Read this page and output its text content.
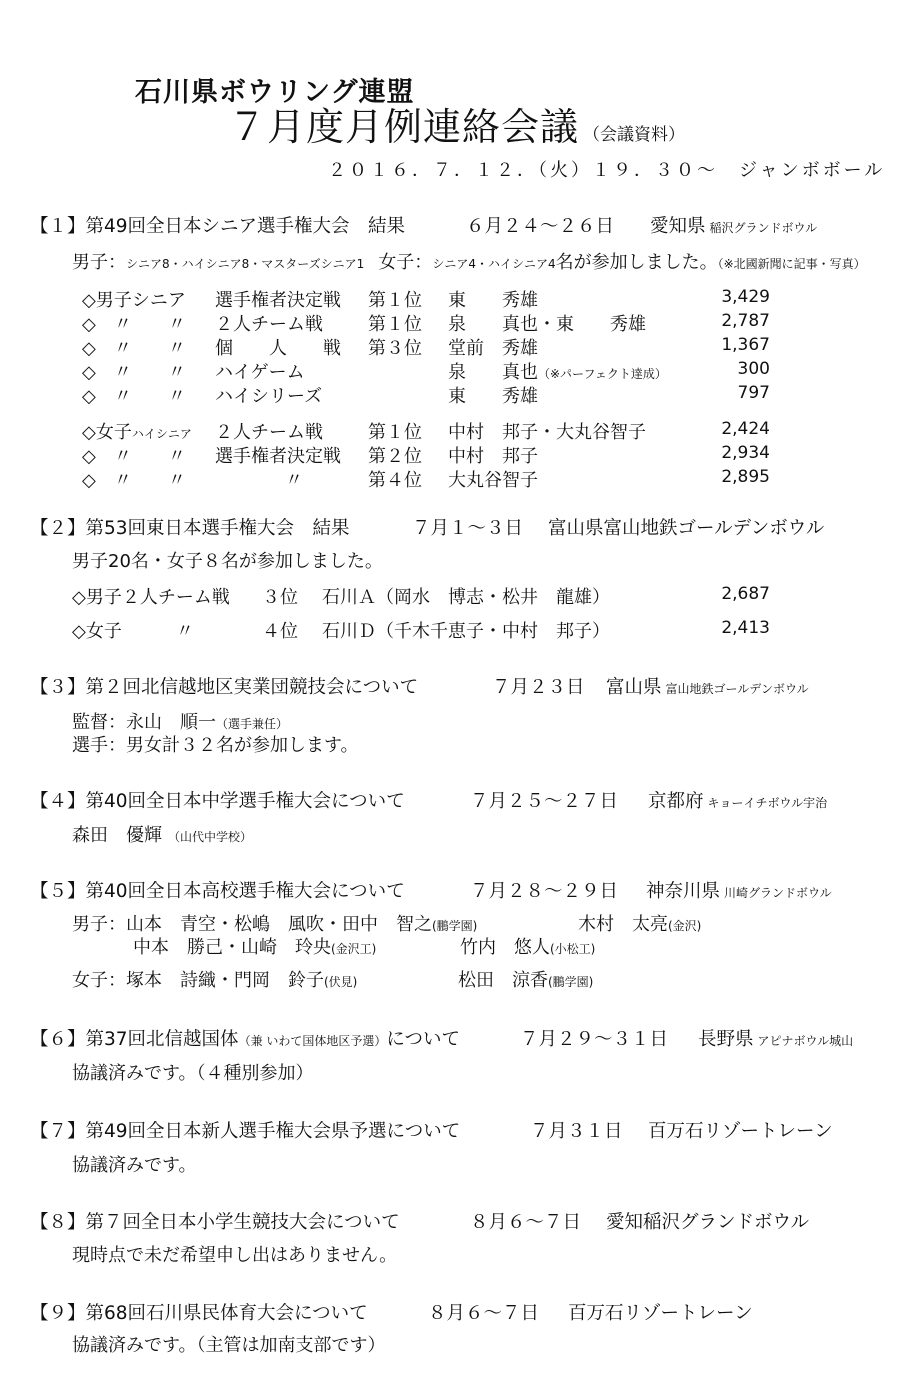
石川県ボウリング連盟
７月度月例連絡会議 （会議資料）
２０１６．７．１２．（火）１９．３０～　ジャンボボール
【１】第49回全日本シニア選手権大会　結果	６月２４～２６日 愛知県 稲沢グランドボウル
男子：シニア8・ハイシニア8・マスターズシニア1 女子：シニア4・ハイシニア4名が参加しました。（※北國新聞に記事・写真）
◇男子シニア 選手権者決定戦 第１位 東　　秀雄	3,429
◇　〃　　〃 ２人チーム戦	第１位 泉　　真也・東　　秀雄	2,787
◇　〃　　〃 個　　人　　戦 第３位 堂前　秀雄	1,367
◇　〃　　〃 ハイゲーム	泉　　真也（※パーフェクト達成）	300
◇　〃　　〃 ハイシリーズ	東　　秀雄	797
◇女子ハイシニア ２人チーム戦	第１位 中村　邦子・大丸谷智子	2,424
◇　〃　　〃 選手権者決定戦 第２位 中村　邦子	2,934
◇　〃　　〃	〃	第４位 大丸谷智子	2,895
【２】第53回東日本選手権大会　結果	７月１～３日 富山県富山地鉄ゴールデンボウル
男子20名・女子８名が参加しました。
◇男子２人チーム戦 ３位 石川Ａ（岡水　博志・松井　龍雄）	2,687
◇女子　　　〃	４位 石川Ｄ（千木千恵子・中村　邦子）	2,413
【３】第２回北信越地区実業団競技会について	７月２３日 富山県 富山地鉄ゴールデンボウル
監督：永山　順一（選手兼任）
選手：男女計３２名が参加します。
【４】第40回全日本中学選手権大会について	７月２５～２７日 京都府 キョーイチボウル宇治
森田　優輝 （山代中学校）
【５】第40回全日本高校選手権大会について	７月２８～２９日 神奈川県 川崎グランドボウル
男子：山本　青空・松嶋　風吹・田中　智之(鵬学園)	木村　太亮(金沢)
中本　勝己・山崎　玲央(金沢工)	竹内　悠人(小松工)
女子：塚本　詩織・門岡　鈴子(伏見)	松田　涼香(鵬学園)
【６】第37回北信越国体（兼 いわて国体地区予選）について	７月２９～３１日 長野県 アピナボウル城山
協議済みです。（４種別参加）
【７】第49回全日本新人選手権大会県予選について	７月３１日 百万石リゾートレーン
協議済みです。
【８】第７回全日本小学生競技大会について	８月６～７日 愛知稲沢グランドボウル
現時点で未だ希望申し出はありません。
【９】第68回石川県民体育大会について	８月６～７日 百万石リゾートレーン
協議済みです。（主管は加南支部です）
